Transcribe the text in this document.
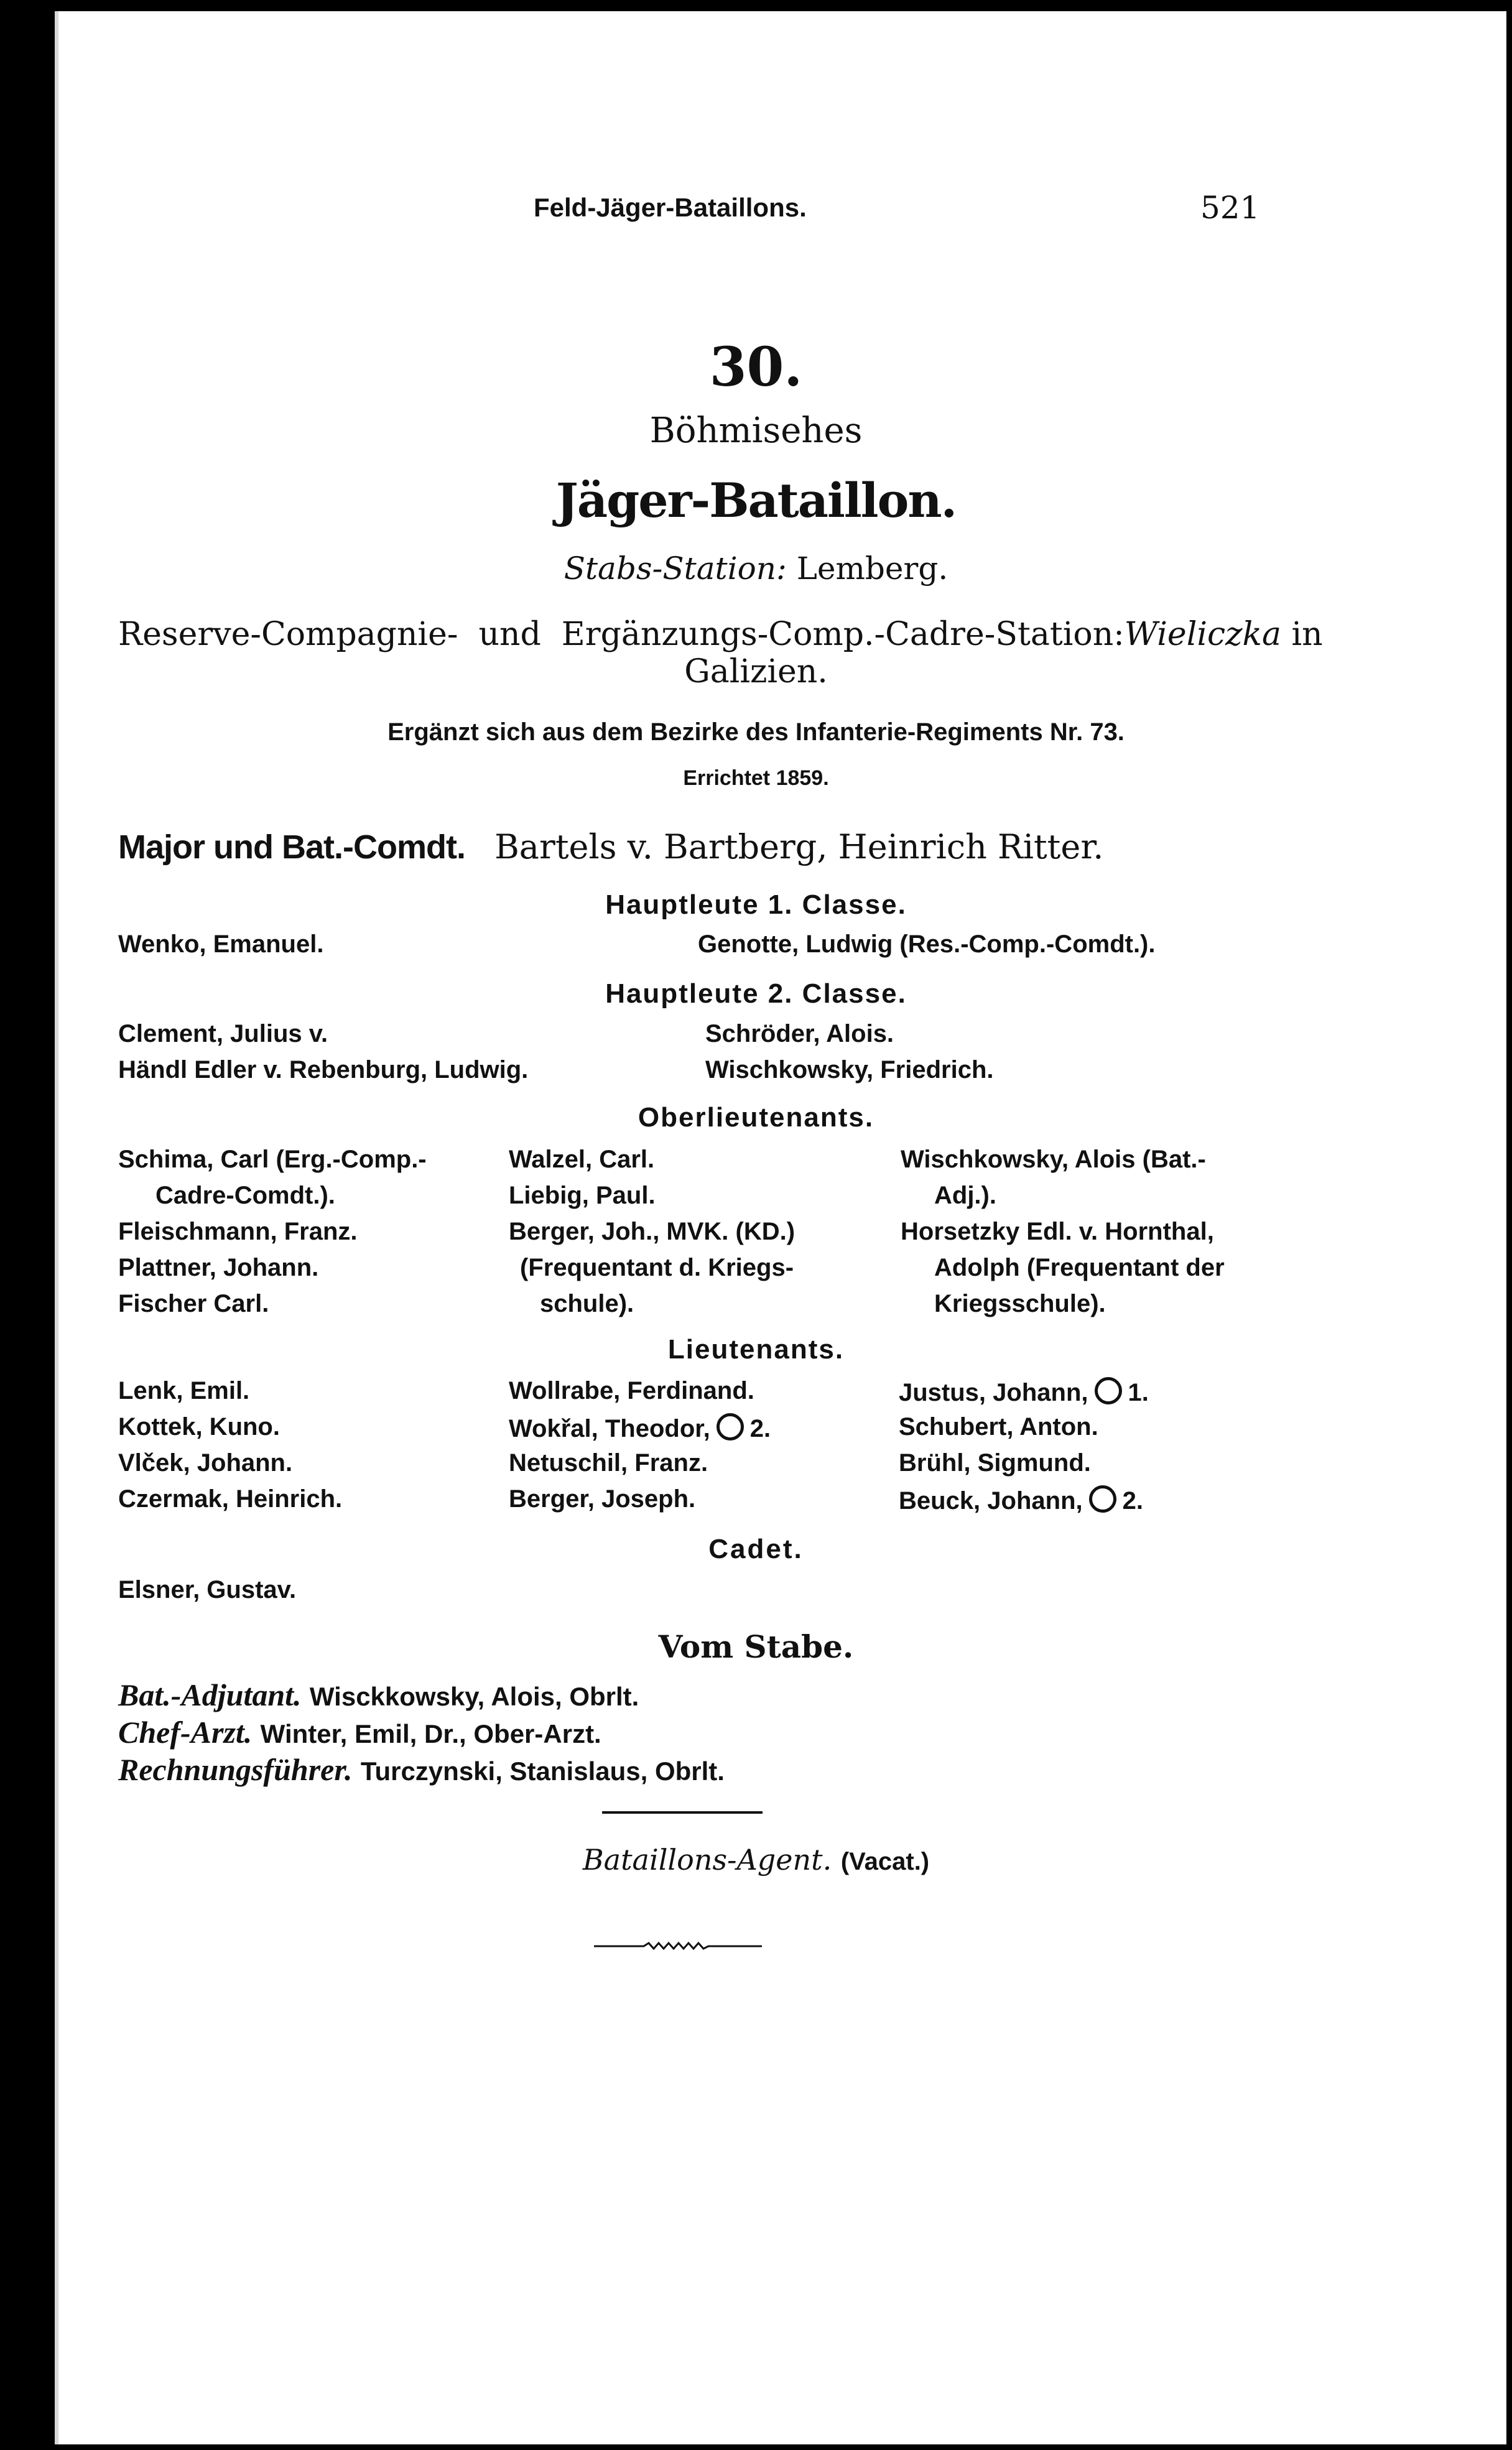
Feld-Jäger-Bataillons.	521
30.
Böhmisehes
Jäger-Bataillon.
Stabs-Station: Lemberg.
Reserve-Compagnie-  und  Ergänzungs-Comp.-Cadre-Station: Wieliczka in
Galizien.
Ergänzt sich aus dem Bezirke des Infanterie-Regiments Nr. 73.
Errichtet 1859.
Major und Bat.-Comdt. Bartels v. Bartberg, Heinrich Ritter.
Hauptleute 1. Classe.
Wenko, Emanuel.	Genotte, Ludwig (Res.-Comp.-Comdt.).
Hauptleute 2. Classe.
Clement, Julius v.
Händl Edler v. Rebenburg, Ludwig.
Schröder, Alois.
Wischkowsky, Friedrich.
Oberlieutenants.
Schima, Carl (Erg.-Comp.-
Cadre-Comdt.).
Fleischmann, Franz.
Plattner, Johann.
Fischer Carl.
Walzel, Carl.
Liebig, Paul.
Berger, Joh., MVK. (KD.)
(Frequentant d. Kriegs-
schule).
Wischkowsky, Alois (Bat.-
Adj.).
Horsetzky Edl. v. Hornthal,
Adolph (Frequentant der
Kriegsschule).
Lieutenants.
Lenk, Emil.
Kottek, Kuno.
Vlček, Johann.
Czermak, Heinrich.
Wollrabe, Ferdinand.
Wokřal, Theodor, 2.
Netuschil, Franz.
Berger, Joseph.
Justus, Johann, 1.
Schubert, Anton.
Brühl, Sigmund.
Beuck, Johann, 2.
Cadet.
Elsner, Gustav.
Vom Stabe.
Bat.-Adjutant. Wisckkowsky, Alois, Obrlt.
Chef-Arzt. Winter, Emil, Dr., Ober-Arzt.
Rechnungsführer. Turczynski, Stanislaus, Obrlt.
Bataillons-Agent. (Vacat.)
